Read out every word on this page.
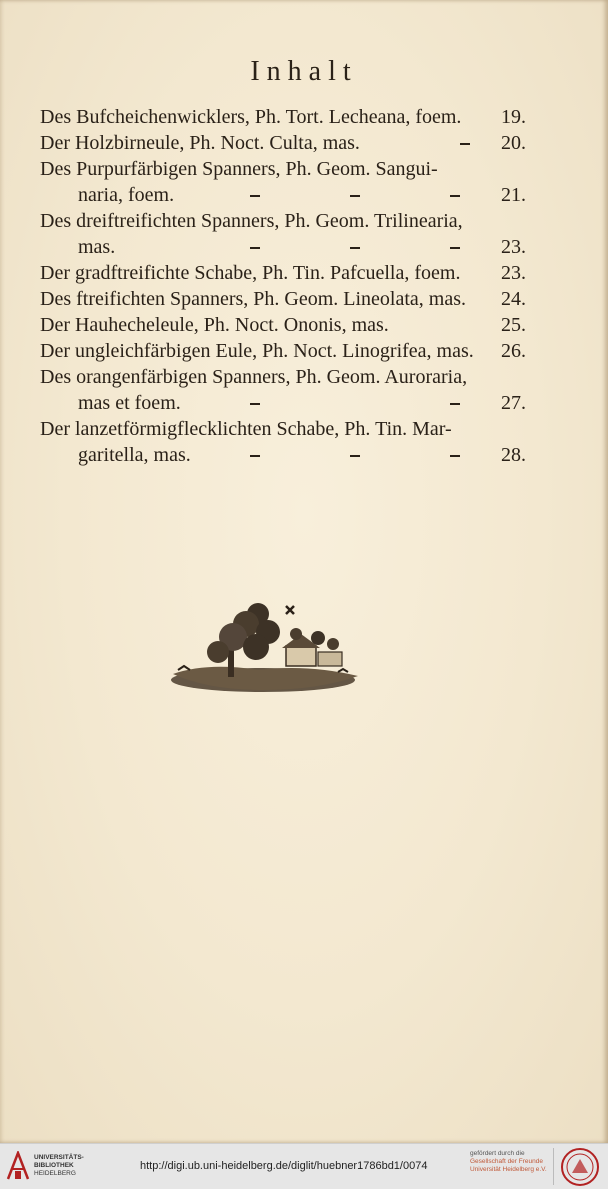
Inhalt
Des Bufcheichenwicklers, Ph. Tort. Lecheana, foem. 19.
Der Holzbirneule, Ph. Noct. Culta, mas.	20.
Des Purpurfärbigen Spanners, Ph. Geom. Sangui-
naria, foem.	21.
Des dreiftreifichten Spanners, Ph. Geom. Trilinearia,
mas.	23.
Der gradftreifichte Schabe, Ph. Tin. Pafcuella, foem. 23.
Des ftreifichten Spanners, Ph. Geom. Lineolata, mas. 24.
Der Hauhecheleule, Ph. Noct. Ononis, mas.	25.
Der ungleichfärbigen Eule, Ph. Noct. Linogrifea, mas. 26.
Des orangenfärbigen Spanners, Ph. Geom. Auroraria,
mas et foem.	27.
Der lanzetförmigflecklichten Schabe, Ph. Tin. Mar-
garitella, mas.	28.
UNIVERSITÄTS-
BIBLIOTHEK
HEIDELBERG
http://digi.ub.uni-heidelberg.de/diglit/huebner1786bd1/0074
gefördert durch die
Gesellschaft der Freunde
Universität Heidelberg e.V.
